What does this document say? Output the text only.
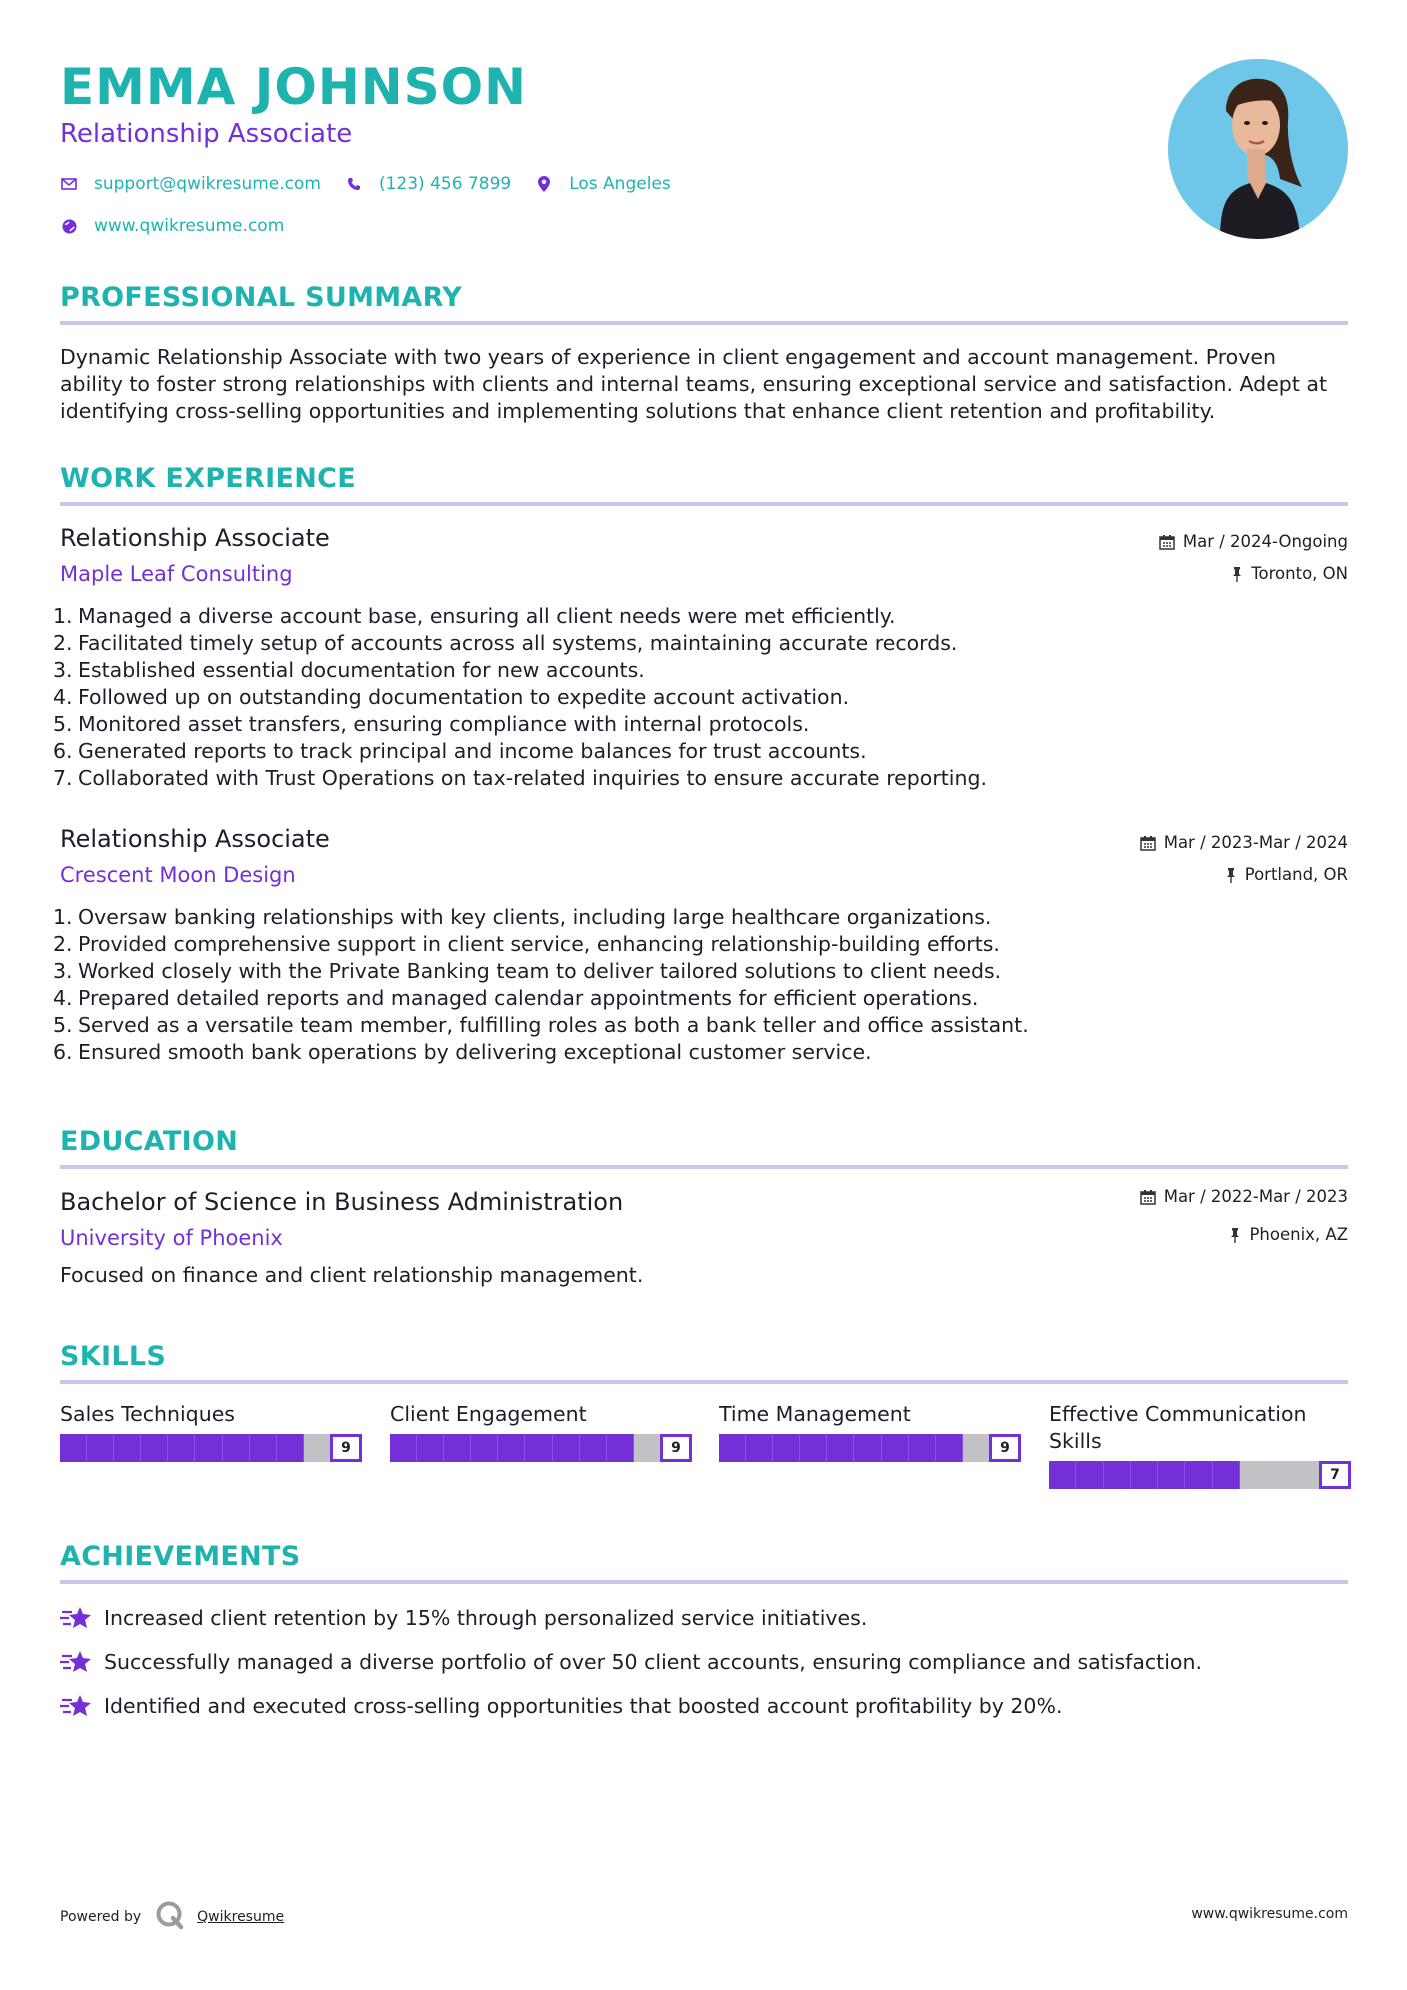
EMMA JOHNSON
Relationship Associate
support@qwikresume.com	(123) 456 7899	Los Angeles
www.qwikresume.com
PROFESSIONAL SUMMARY
Dynamic Relationship Associate with two years of experience in client engagement and account management. Proven
ability to foster strong relationships with clients and internal teams, ensuring exceptional service and satisfaction. Adept at
identifying cross-selling opportunities and implementing solutions that enhance client retention and profitability.
WORK EXPERIENCE
Relationship Associate
Maple Leaf Consulting
Mar / 2024-Ongoing
Toronto, ON
1. Managed a diverse account base, ensuring all client needs were met efficiently.
2. Facilitated timely setup of accounts across all systems, maintaining accurate records.
3. Established essential documentation for new accounts.
4. Followed up on outstanding documentation to expedite account activation.
5. Monitored asset transfers, ensuring compliance with internal protocols.
6. Generated reports to track principal and income balances for trust accounts.
7. Collaborated with Trust Operations on tax-related inquiries to ensure accurate reporting.
Relationship Associate
Crescent Moon Design
Mar / 2023-Mar / 2024
Portland, OR
1. Oversaw banking relationships with key clients, including large healthcare organizations.
2. Provided comprehensive support in client service, enhancing relationship-building efforts.
3. Worked closely with the Private Banking team to deliver tailored solutions to client needs.
4. Prepared detailed reports and managed calendar appointments for efficient operations.
5. Served as a versatile team member, fulfilling roles as both a bank teller and office assistant.
6. Ensured smooth bank operations by delivering exceptional customer service.
EDUCATION
Bachelor of Science in Business Administration
University of Phoenix
Mar / 2022-Mar / 2023
Phoenix, AZ
Focused on finance and client relationship management.
SKILLS
Sales Techniques
9
Client Engagement
9
Time Management
9
Effective Communication
Skills
7
ACHIEVEMENTS
Increased client retention by 15% through personalized service initiatives.
Successfully managed a diverse portfolio of over 50 client accounts, ensuring compliance and satisfaction.
Identified and executed cross-selling opportunities that boosted account profitability by 20%.
Powered by	Qwikresume	www.qwikresume.com
